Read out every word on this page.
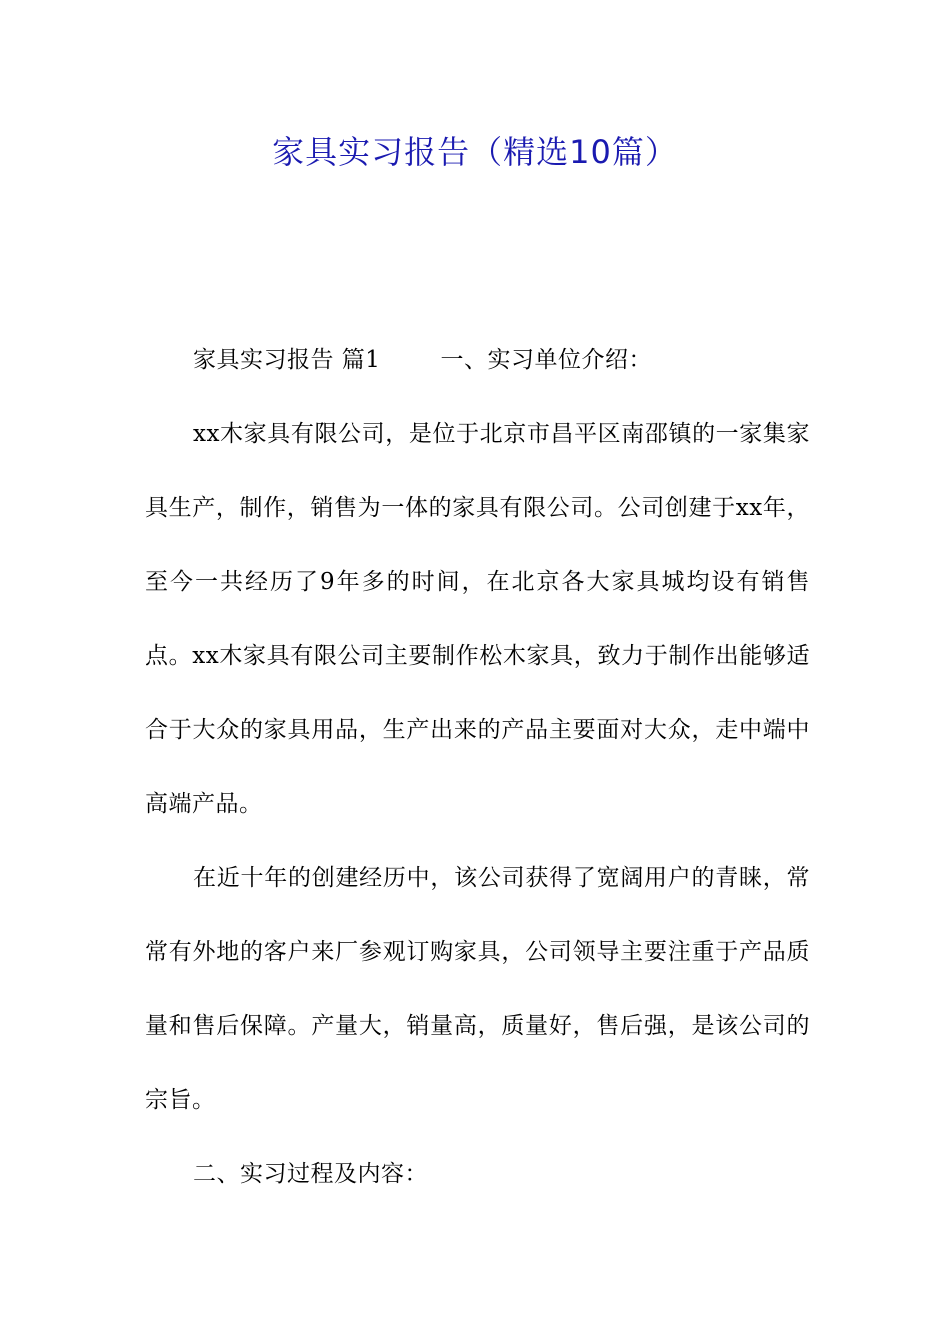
家具实习报告（精选10篇）

家具实习报告 篇1	一、实习单位介绍：

xx木家具有限公司，是位于北京市昌平区南邵镇的一家集家具生产，制作，销售为一体的家具有限公司。公司创建于xx年，至今一共经历了9年多的时间，在北京各大家具城均设有销售点。xx木家具有限公司主要制作松木家具，致力于制作出能够适合于大众的家具用品，生产出来的产品主要面对大众，走中端中高端产品。

在近十年的创建经历中，该公司获得了宽阔用户的青睐，常常有外地的客户来厂参观订购家具，公司领导主要注重于产品质量和售后保障。产量大，销量高，质量好，售后强，是该公司的宗旨。

二、实习过程及内容：
